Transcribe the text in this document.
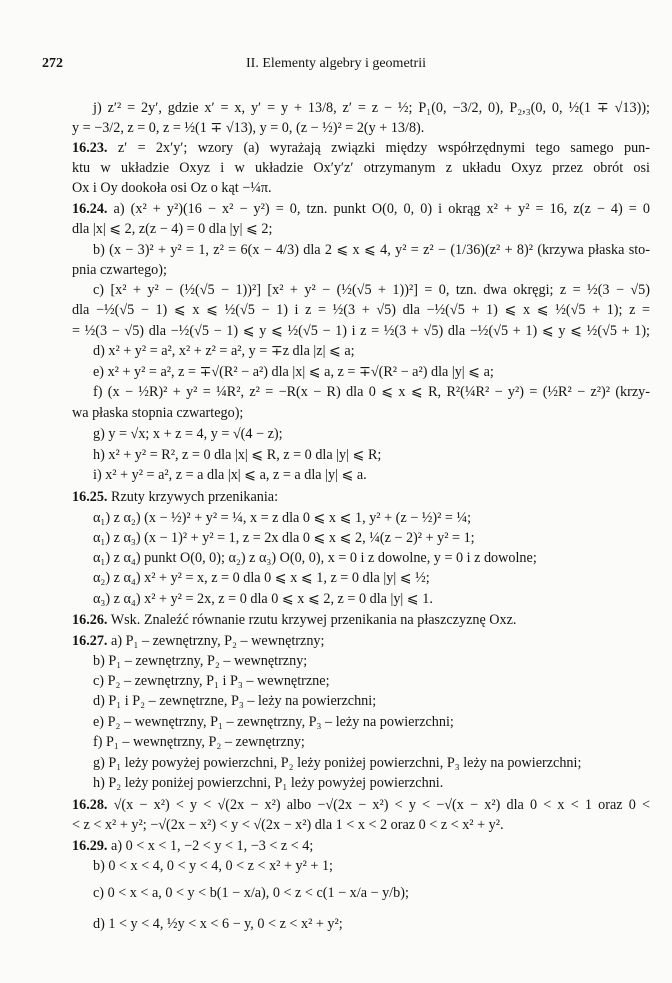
272	II. Elementy algebry i geometrii
j) z′² = 2y′, gdzie x′ = x, y′ = y + 13/8, z′ = z − ½; P₁(0, −3/2, 0), P₂,₃(0, 0, ½(1 ∓ √13));
y = −3/2, z = 0, z = ½(1 ∓ √13), y = 0, (z − ½)² = 2(y + 13/8).
16.23. z′ = 2x′y′; wzory (a) wyrażają związki między współrzędnymi tego samego pun-
ktu w układzie Oxyz i w układzie Ox′y′z′ otrzymanym z układu Oxyz przez obrót osi
Ox i Oy dookoła osi Oz o kąt −¼π.
16.24. a) (x² + y²)(16 − x² − y²) = 0, tzn. punkt O(0, 0, 0) i okrąg x² + y² = 16, z(z − 4) = 0
dla |x| ⩽ 2, z(z − 4) = 0 dla |y| ⩽ 2;
b) (x − 3)² + y² = 1, z² = 6(x − 4/3) dla 2 ⩽ x ⩽ 4, y² = z² − (1/36)(z² + 8)² (krzywa płaska sto-
pnia czwartego);
c) [x² + y² − (½(√5 − 1))²] [x² + y² − (½(√5 + 1))²] = 0, tzn. dwa okręgi; z = ½(3 − √5)
dla −½(√5 − 1) ⩽ x ⩽ ½(√5 − 1) i z = ½(3 + √5) dla −½(√5 + 1) ⩽ x ⩽ ½(√5 + 1); z =
= ½(3 − √5) dla −½(√5 − 1) ⩽ y ⩽ ½(√5 − 1) i z = ½(3 + √5) dla −½(√5 + 1) ⩽ y ⩽ ½(√5 + 1);
d) x² + y² = a², x² + z² = a², y = ∓z dla |z| ⩽ a;
e) x² + y² = a², z = ∓√(R² − a²) dla |x| ⩽ a, z = ∓√(R² − a²) dla |y| ⩽ a;
f) (x − ½R)² + y² = ¼R², z² = −R(x − R) dla 0 ⩽ x ⩽ R, R²(¼R² − y²) = (½R² − z²)² (krzy-
wa płaska stopnia czwartego);
g) y = √x; x + z = 4, y = √(4 − z);
h) x² + y² = R², z = 0 dla |x| ⩽ R, z = 0 dla |y| ⩽ R;
i) x² + y² = a², z = a dla |x| ⩽ a, z = a dla |y| ⩽ a.
16.25. Rzuty krzywych przenikania:
α₁) z α₂) (x − ½)² + y² = ¼, x = z dla 0 ⩽ x ⩽ 1, y² + (z − ½)² = ¼;
α₁) z α₃) (x − 1)² + y² = 1, z = 2x dla 0 ⩽ x ⩽ 2, ¼(z − 2)² + y² = 1;
α₁) z α₄) punkt O(0, 0); α₂) z α₃) O(0, 0), x = 0 i z dowolne, y = 0 i z dowolne;
α₂) z α₄) x² + y² = x, z = 0 dla 0 ⩽ x ⩽ 1, z = 0 dla |y| ⩽ ½;
α₃) z α₄) x² + y² = 2x, z = 0 dla 0 ⩽ x ⩽ 2, z = 0 dla |y| ⩽ 1.
16.26. Wsk. Znaleźć równanie rzutu krzywej przenikania na płaszczyznę Oxz.
16.27. a) P₁ – zewnętrzny, P₂ – wewnętrzny;
b) P₁ – zewnętrzny, P₂ – wewnętrzny;
c) P₂ – zewnętrzny, P₁ i P₃ – wewnętrzne;
d) P₁ i P₂ – zewnętrzne, P₃ – leży na powierzchni;
e) P₂ – wewnętrzny, P₁ – zewnętrzny, P₃ – leży na powierzchni;
f) P₁ – wewnętrzny, P₂ – zewnętrzny;
g) P₁ leży powyżej powierzchni, P₂ leży poniżej powierzchni, P₃ leży na powierzchni;
h) P₂ leży poniżej powierzchni, P₁ leży powyżej powierzchni.
16.28. √(x − x²) < y < √(2x − x²) albo −√(2x − x²) < y < −√(x − x²) dla 0 < x < 1 oraz 0 <
< z < x² + y²; −√(2x − x²) < y < √(2x − x²) dla 1 < x < 2 oraz 0 < z < x² + y².
16.29. a) 0 < x < 1, −2 < y < 1, −3 < z < 4;
b) 0 < x < 4, 0 < y < 4, 0 < z < x² + y² + 1;
c) 0 < x < a, 0 < y < b(1 − x/a), 0 < z < c(1 − x/a − y/b);
d) 1 < y < 4, ½y < x < 6 − y, 0 < z < x² + y²;
